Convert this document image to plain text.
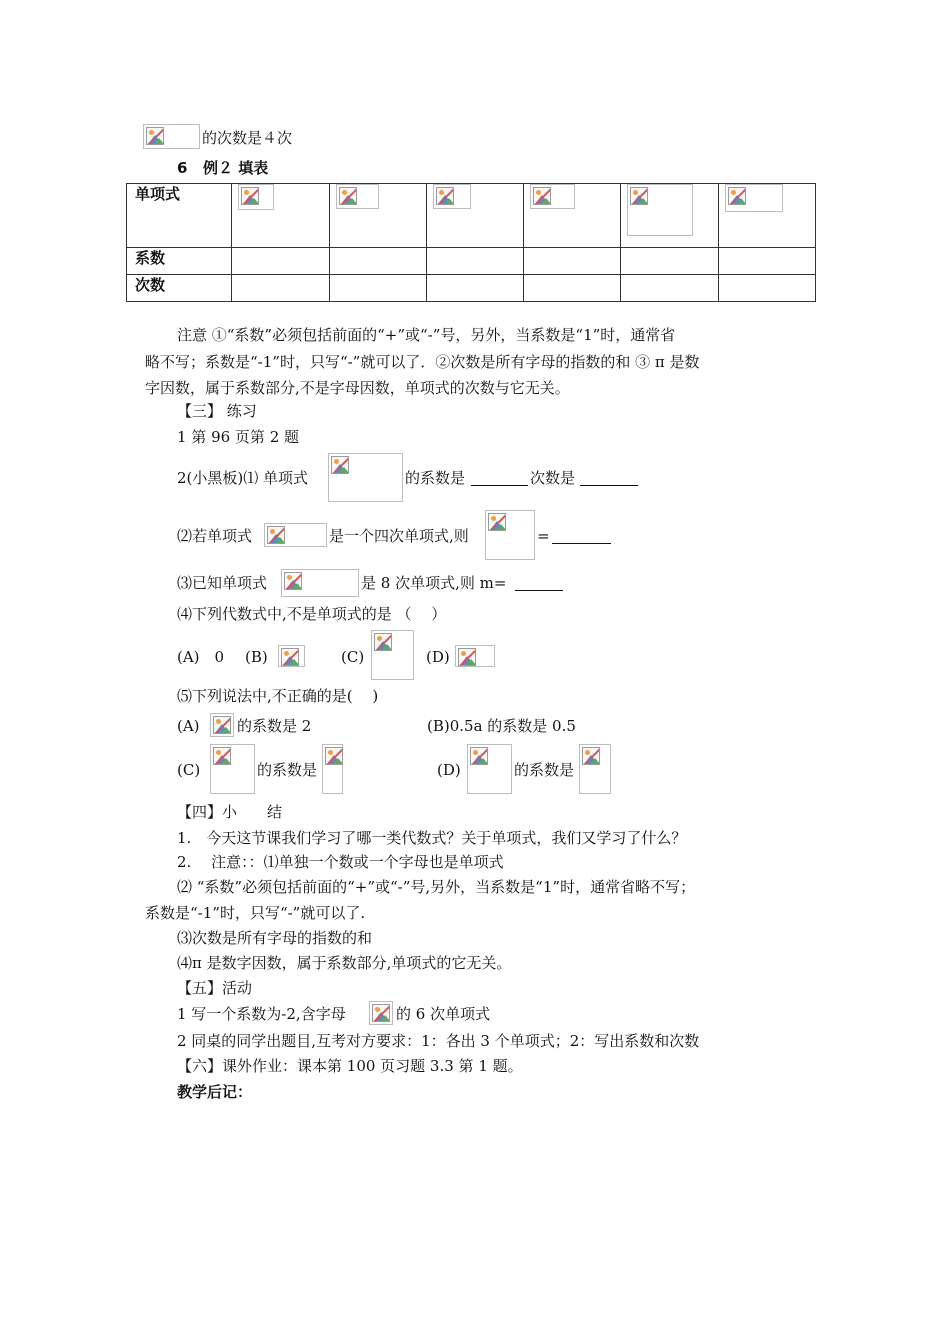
的次数是４次
6 例２ 填表
单项式	

系数						
次数						
注意 ①“系数”必须包括前面的“+”或“-”号，另外，当系数是“1”时，通常省
略不写；系数是“-1”时，只写“-”就可以了．②次数是所有字母的指数的和 ③ π 是数
字因数，属于系数部分,不是字母因数，单项式的次数与它无关。
【三】 练习
1 第 96 页第 2 题
2(小黑板)⑴ 单项式	的系数是	次数是
⑵若单项式	是一个四次单项式,则	=
⑶已知单项式	是 8 次单项式,则 m=
⑷下列代数式中,不是单项式的是 （　 ）
(A)　0 (B)	(C)	(D)
⑸下列说法中,不正确的是(　 )
(A) 的系数是 2	(B)0.5a 的系数是 0.5
(C)	的系数是	(D)	的系数是
【四】小　　结
1.　今天这节课我们学习了哪一类代数式？关于单项式，我们又学习了什么？
2.　 注意：：⑴单独一个数或一个字母也是单项式
⑵ “系数”必须包括前面的“+”或“-”号,另外，当系数是“1”时，通常省略不写；
系数是“-1”时，只写“-”就可以了.
⑶次数是所有字母的指数的和
⑷π 是数字因数，属于系数部分,单项式的它无关。
【五】活动
1 写一个系数为-2,含字母	的 6 次单项式
2 同桌的同学出题目,互考对方要求：1：各出 3 个单项式；2：写出系数和次数
【六】课外作业：课本第 100 页习题 3.3 第 1 题。
教学后记：
